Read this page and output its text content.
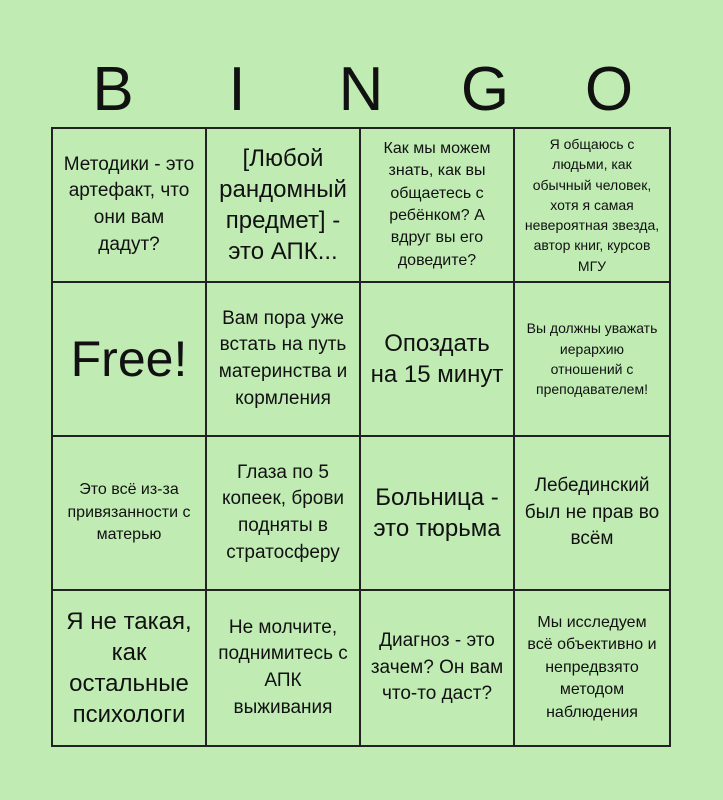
B	I	N	G	O
Методики - это артефакт, что они вам дадут?
[Любой рандомный предмет] - это АПК...
Как мы можем знать, как вы общаетесь с ребёнком? А вдруг вы его доведите?
Я общаюсь с людьми, как обычный человек, хотя я самая невероятная звезда, автор книг, курсов МГУ
Free!
Вам пора уже встать на путь материнства и кормления
Опоздать на 15 минут
Вы должны уважать иерархию отношений с преподавателем!
Это всё из-за привязанности с матерью
Глаза по 5 копеек, брови подняты в стратосферу
Больница - это тюрьма
Лебединский был не прав во всём
Я не такая, как остальные психологи
Не молчите, поднимитесь с АПК выживания
Диагноз - это зачем? Он вам что-то даст?
Мы исследуем всё объективно и непредвзято методом наблюдения
